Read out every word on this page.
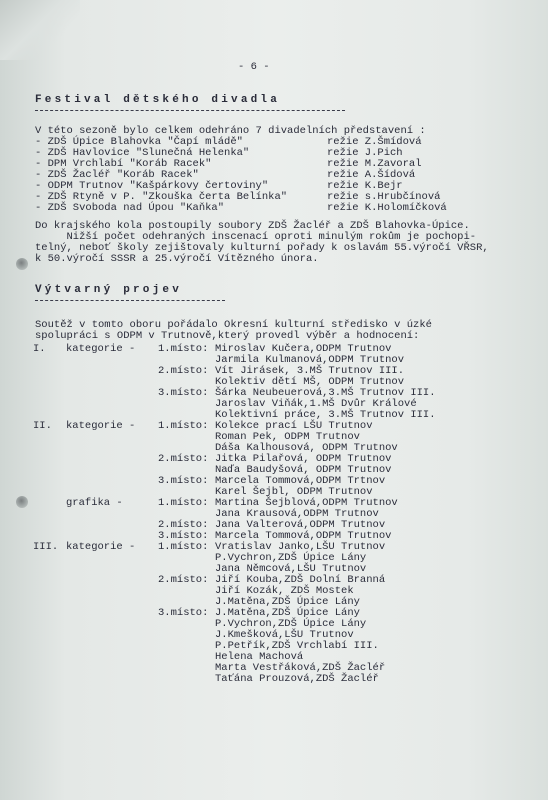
- 6 -
Festival dětského divadla
V této sezoně bylo celkem odehráno 7 divadelních představení :
- ZDŠ Úpice Blahovka "Čapí mládě"	režie Z.Šmídová
- ZDŠ Havlovice "Slunečná Helenka"	režie J.Pich
- DPM Vrchlabí "Koráb Racek"	režie M.Zavoral
- ZDŠ Žacléř "Koráb Racek"	režie A.Šídová
- ODPM Trutnov "Kašpárkovy čertoviny"	režie K.Bejr
- ZDŠ Rtyně v P. "Zkouška čerta Belínka"	režie s.Hrubčínová
- ZDŠ Svoboda nad Úpou "Kaňka"	režie K.Holomíčková
Do krajského kola postoupily soubory ZDŠ Žacléř a ZDŠ Blahovka-Úpice.
Nižší počet odehraných inscenací oproti minulým rokům je pochopi-
telný, neboť školy zejištovaly kulturní pořady k oslavám 55.výročí VŘSR,
k 50.výročí SSSR a 25.výročí Vítězného února.
Výtvarný projev
Soutěž v tomto oboru pořádalo Okresní kulturní středisko v úzké
spolupráci s ODPM v Trutnově,který provedl výběr a hodnocení:
I. kategorie - 1.místo: Miroslav Kučera,ODPM Trutnov
Jarmila Kulmanová,ODPM Trutnov
2.místo: Vít Jirásek, 3.MŠ Trutnov III.
Kolektiv dětí MŠ, ODPM Trutnov
3.místo: Šárka Neubeuerová,3.MŠ Trutnov III.
Jaroslav Viňák,1.MŠ Dvůr Králové
Kolektivní práce, 3.MŠ Trutnov III.
II. kategorie - 1.místo: Kolekce prací LŠU Trutnov
Roman Pek, ODPM Trutnov
Dáša Kalhousová, ODPM Trutnov
2.místo: Jitka Pilařová, ODPM Trutnov
Naďa Baudyšová, ODPM Trutnov
3.místo: Marcela Tommová,ODPM Trtnov
Karel Šejbl, ODPM Trutnov
grafika -	1.místo: Martina Šejblová,ODPM Trutnov
Jana Krausová,ODPM Trutnov
2.místo: Jana Valterová,ODPM Trutnov
3.místo: Marcela Tommová,ODPM Trutnov
III. kategorie - 1.místo: Vratislav Janko,LŠU Trutnov
P.Vychron,ZDŠ Úpice Lány
Jana Němcová,LŠU Trutnov
2.místo: Jiří Kouba,ZDŠ Dolní Branná
Jiří Kozák, ZDŠ Mostek
J.Matěna,ZDŠ Úpice Lány
3.místo: J.Matěna,ZDŠ Úpice Lány
P.Vychron,ZDŠ Úpice Lány
J.Kmešková,LŠU Trutnov
P.Petřík,ZDŠ Vrchlabí III.
Helena Machová
Marta Vestřáková,ZDŠ Žacléř
Taťána Prouzová,ZDŠ Žacléř
